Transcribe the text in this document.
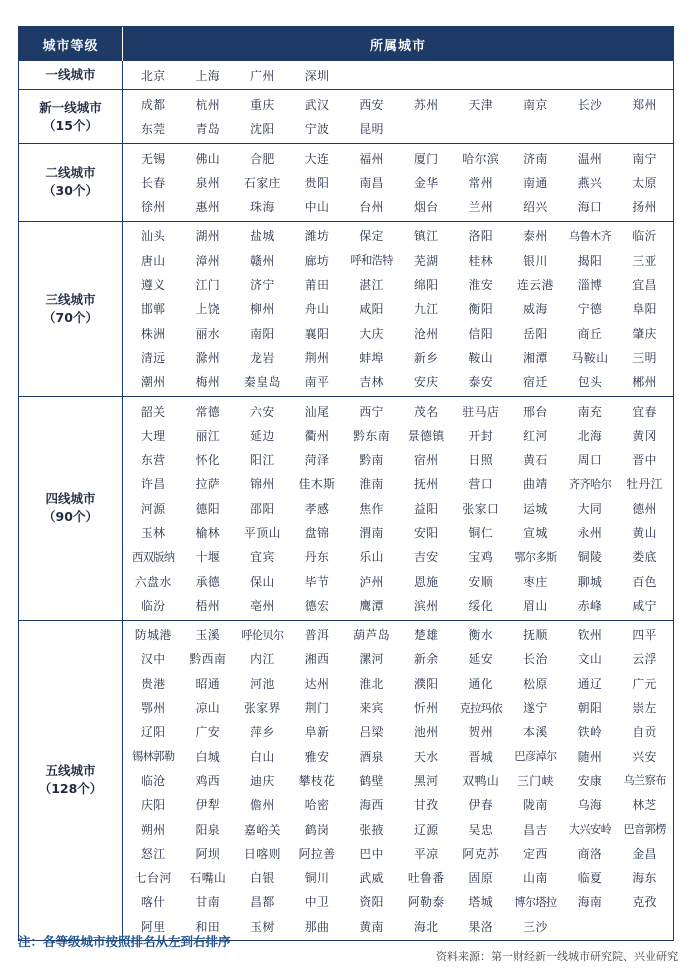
城市等级	所属城市
一线城市	北京	上海	广州	深圳
新一线城市
（15个）
成都	杭州	重庆	武汉	西安	苏州	天津	南京	长沙	郑州
东莞	青岛	沈阳	宁波	昆明
二线城市
（30个）
无锡	佛山	合肥	大连	福州	厦门	哈尔滨	济南	温州	南宁
长春	泉州	石家庄	贵阳	南昌	金华	常州	南通	燕兴	太原
徐州	惠州	珠海	中山	台州	烟台	兰州	绍兴	海口	扬州
三线城市
（70个）
汕头	湖州	盐城	潍坊	保定	镇江	洛阳	泰州	乌鲁木齐	临沂
唐山	漳州	赣州	廊坊	呼和浩特	芜湖	桂林	银川	揭阳	三亚
遵义	江门	济宁	莆田	湛江	绵阳	淮安	连云港	淄博	宜昌
邯郸	上饶	柳州	舟山	咸阳	九江	衡阳	威海	宁德	阜阳
株洲	丽水	南阳	襄阳	大庆	沧州	信阳	岳阳	商丘	肇庆
清远	滁州	龙岩	荆州	蚌埠	新乡	鞍山	湘潭	马鞍山	三明
潮州	梅州	秦皇岛	南平	吉林	安庆	泰安	宿迁	包头	郴州
四线城市
（90个）
韶关	常德	六安	汕尾	西宁	茂名	驻马店	邢台	南充	宜春
大理	丽江	延边	衢州	黔东南	景德镇	开封	红河	北海	黄冈
东营	怀化	阳江	菏泽	黔南	宿州	日照	黄石	周口	晋中
许昌	拉萨	锦州	佳木斯	淮南	抚州	营口	曲靖	齐齐哈尔	牡丹江
河源	德阳	邵阳	孝感	焦作	益阳	张家口	运城	大同	德州
玉林	榆林	平顶山	盘锦	渭南	安阳	铜仁	宣城	永州	黄山
西双版纳	十堰	宜宾	丹东	乐山	吉安	宝鸡	鄂尔多斯	铜陵	娄底
六盘水	承德	保山	毕节	泸州	恩施	安顺	枣庄	聊城	百色
临汾	梧州	亳州	德宏	鹰潭	滨州	绥化	眉山	赤峰	咸宁
五线城市
（128个）
防城港	玉溪	呼伦贝尔	普洱	葫芦岛	楚雄	衡水	抚顺	钦州	四平
汉中	黔西南	内江	湘西	漯河	新余	延安	长治	文山	云浮
贵港	昭通	河池	达州	淮北	濮阳	通化	松原	通辽	广元
鄂州	凉山	张家界	荆门	来宾	忻州	克拉玛依	遂宁	朝阳	崇左
辽阳	广安	萍乡	阜新	吕梁	池州	贺州	本溪	铁岭	自贡
锡林郭勒	白城	白山	雅安	酒泉	天水	晋城	巴彦淖尔	随州	兴安
临沧	鸡西	迪庆	攀枝花	鹤壁	黑河	双鸭山	三门峡	安康	乌兰察布
庆阳	伊犁	儋州	哈密	海西	甘孜	伊春	陇南	乌海	林芝
朔州	阳泉	嘉峪关	鹤岗	张掖	辽源	吴忠	昌吉	大兴安岭	巴音郭楞
怒江	阿坝	日喀则	阿拉善	巴中	平凉	阿克苏	定西	商洛	金昌
七台河	石嘴山	白银	铜川	武威	吐鲁番	固原	山南	临夏	海东
喀什	甘南	昌都	中卫	资阳	阿勒泰	塔城	博尔塔拉	海南	克孜
阿里	和田	玉树	那曲	黄南	海北	果洛	三沙
注：各等级城市按照排名从左到右排序
资料来源：第一财经新一线城市研究院、兴业研究
